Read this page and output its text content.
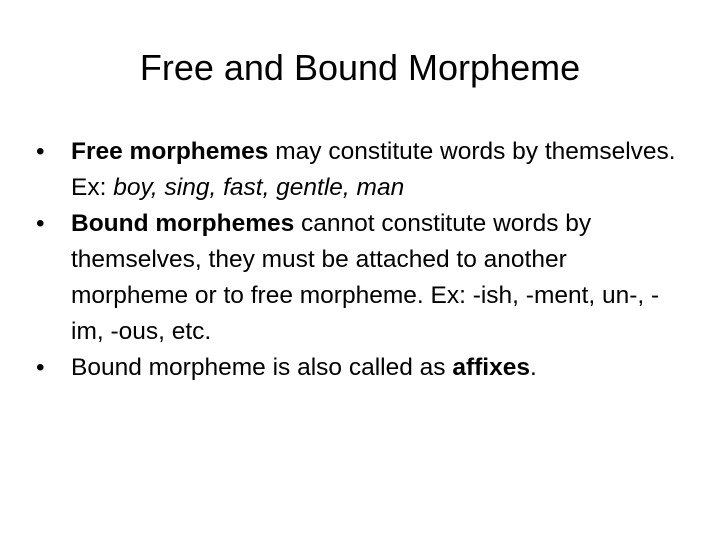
Free and Bound Morpheme
•	Free morphemes may constitute words by themselves. Ex: boy, sing, fast, gentle, man
•	Bound morphemes cannot constitute words by themselves, they must be attached to another morpheme or to free morpheme. Ex: -ish, -ment, un-, -im, -ous, etc.
•	Bound morpheme is also called as affixes.
